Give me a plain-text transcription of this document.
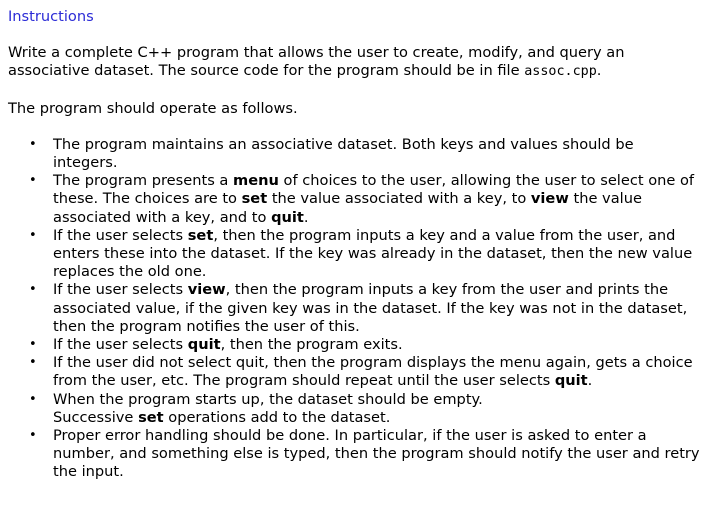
Instructions

Write a complete C++ program that allows the user to create, modify, and query an associative dataset. The source code for the program should be in file assoc.cpp.

The program should operate as follows.

• The program maintains an associative dataset. Both keys and values should be integers.
• The program presents a menu of choices to the user, allowing the user to select one of these. The choices are to set the value associated with a key, to view the value associated with a key, and to quit.
• If the user selects set, then the program inputs a key and a value from the user, and enters these into the dataset. If the key was already in the dataset, then the new value replaces the old one.
• If the user selects view, then the program inputs a key from the user and prints the associated value, if the given key was in the dataset. If the key was not in the dataset, then the program notifies the user of this.
• If the user selects quit, then the program exits.
• If the user did not select quit, then the program displays the menu again, gets a choice from the user, etc. The program should repeat until the user selects quit.
• When the program starts up, the dataset should be empty.
Successive set operations add to the dataset.
• Proper error handling should be done. In particular, if the user is asked to enter a number, and something else is typed, then the program should notify the user and retry the input.
